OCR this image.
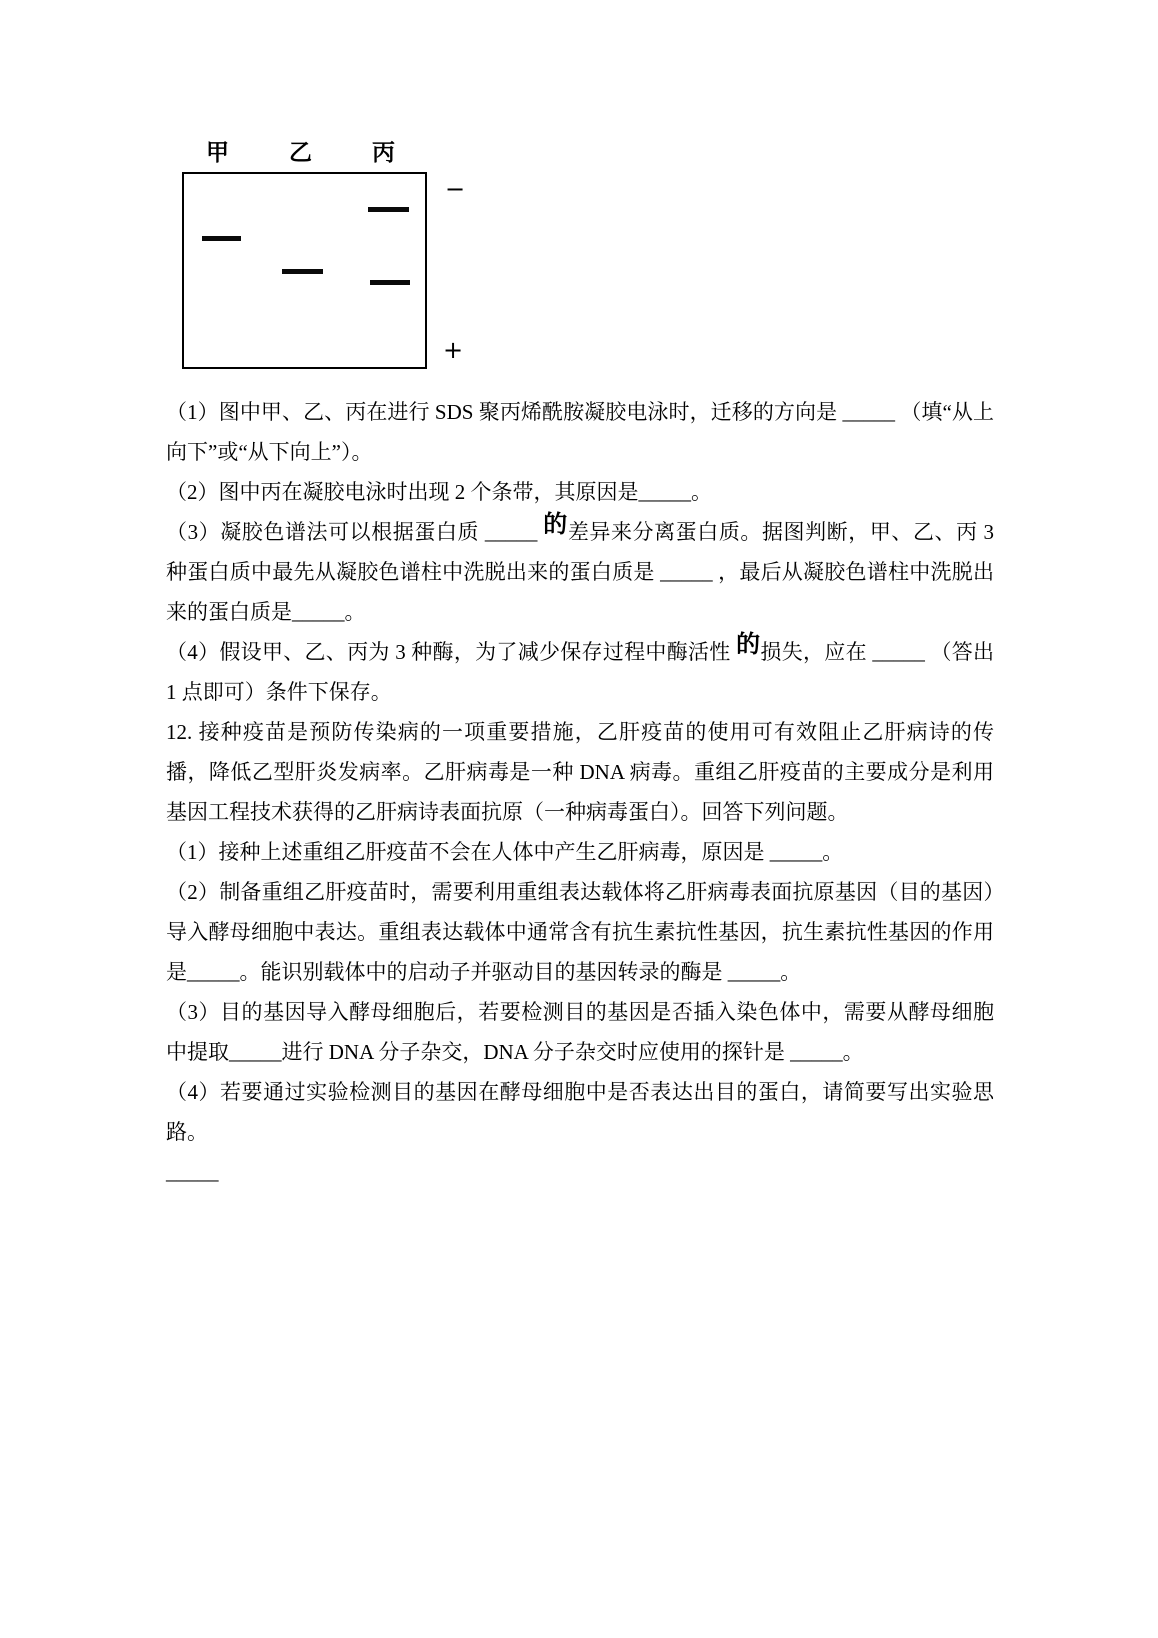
甲	乙	丙
−
+

（1）图中甲、乙、丙在进行 SDS 聚丙烯酰胺凝胶电泳时，迁移的方向是 _____ （填“从上向下”或“从下向上”）。

（2）图中丙在凝胶电泳时出现 2 个条带，其原因是_____。

（3）凝胶色谱法可以根据蛋白质 _____ 的差异来分离蛋白质。据图判断，甲、乙、丙 3 种蛋白质中最先从凝胶色谱柱中洗脱出来的蛋白质是 _____ ，最后从凝胶色谱柱中洗脱出来的蛋白质是_____。

（4）假设甲、乙、丙为 3 种酶，为了减少保存过程中酶活性 的损失，应在 _____ （答出 1 点即可）条件下保存。

12. 接种疫苗是预防传染病的一项重要措施，乙肝疫苗的使用可有效阻止乙肝病诗的传播，降低乙型肝炎发病率。乙肝病毒是一种 DNA 病毒。重组乙肝疫苗的主要成分是利用基因工程技术获得的乙肝病诗表面抗原（一种病毒蛋白）。回答下列问题。

（1）接种上述重组乙肝疫苗不会在人体中产生乙肝病毒，原因是 _____。

（2）制备重组乙肝疫苗时，需要利用重组表达载体将乙肝病毒表面抗原基因（目的基因）导入酵母细胞中表达。重组表达载体中通常含有抗生素抗性基因，抗生素抗性基因的作用是_____。能识别载体中的启动子并驱动目的基因转录的酶是 _____。

（3）目的基因导入酵母细胞后，若要检测目的基因是否插入染色体中，需要从酵母细胞中提取_____进行 DNA 分子杂交，DNA 分子杂交时应使用的探针是 _____。

（4）若要通过实验检测目的基因在酵母细胞中是否表达出目的蛋白，请简要写出实验思路。

_____
